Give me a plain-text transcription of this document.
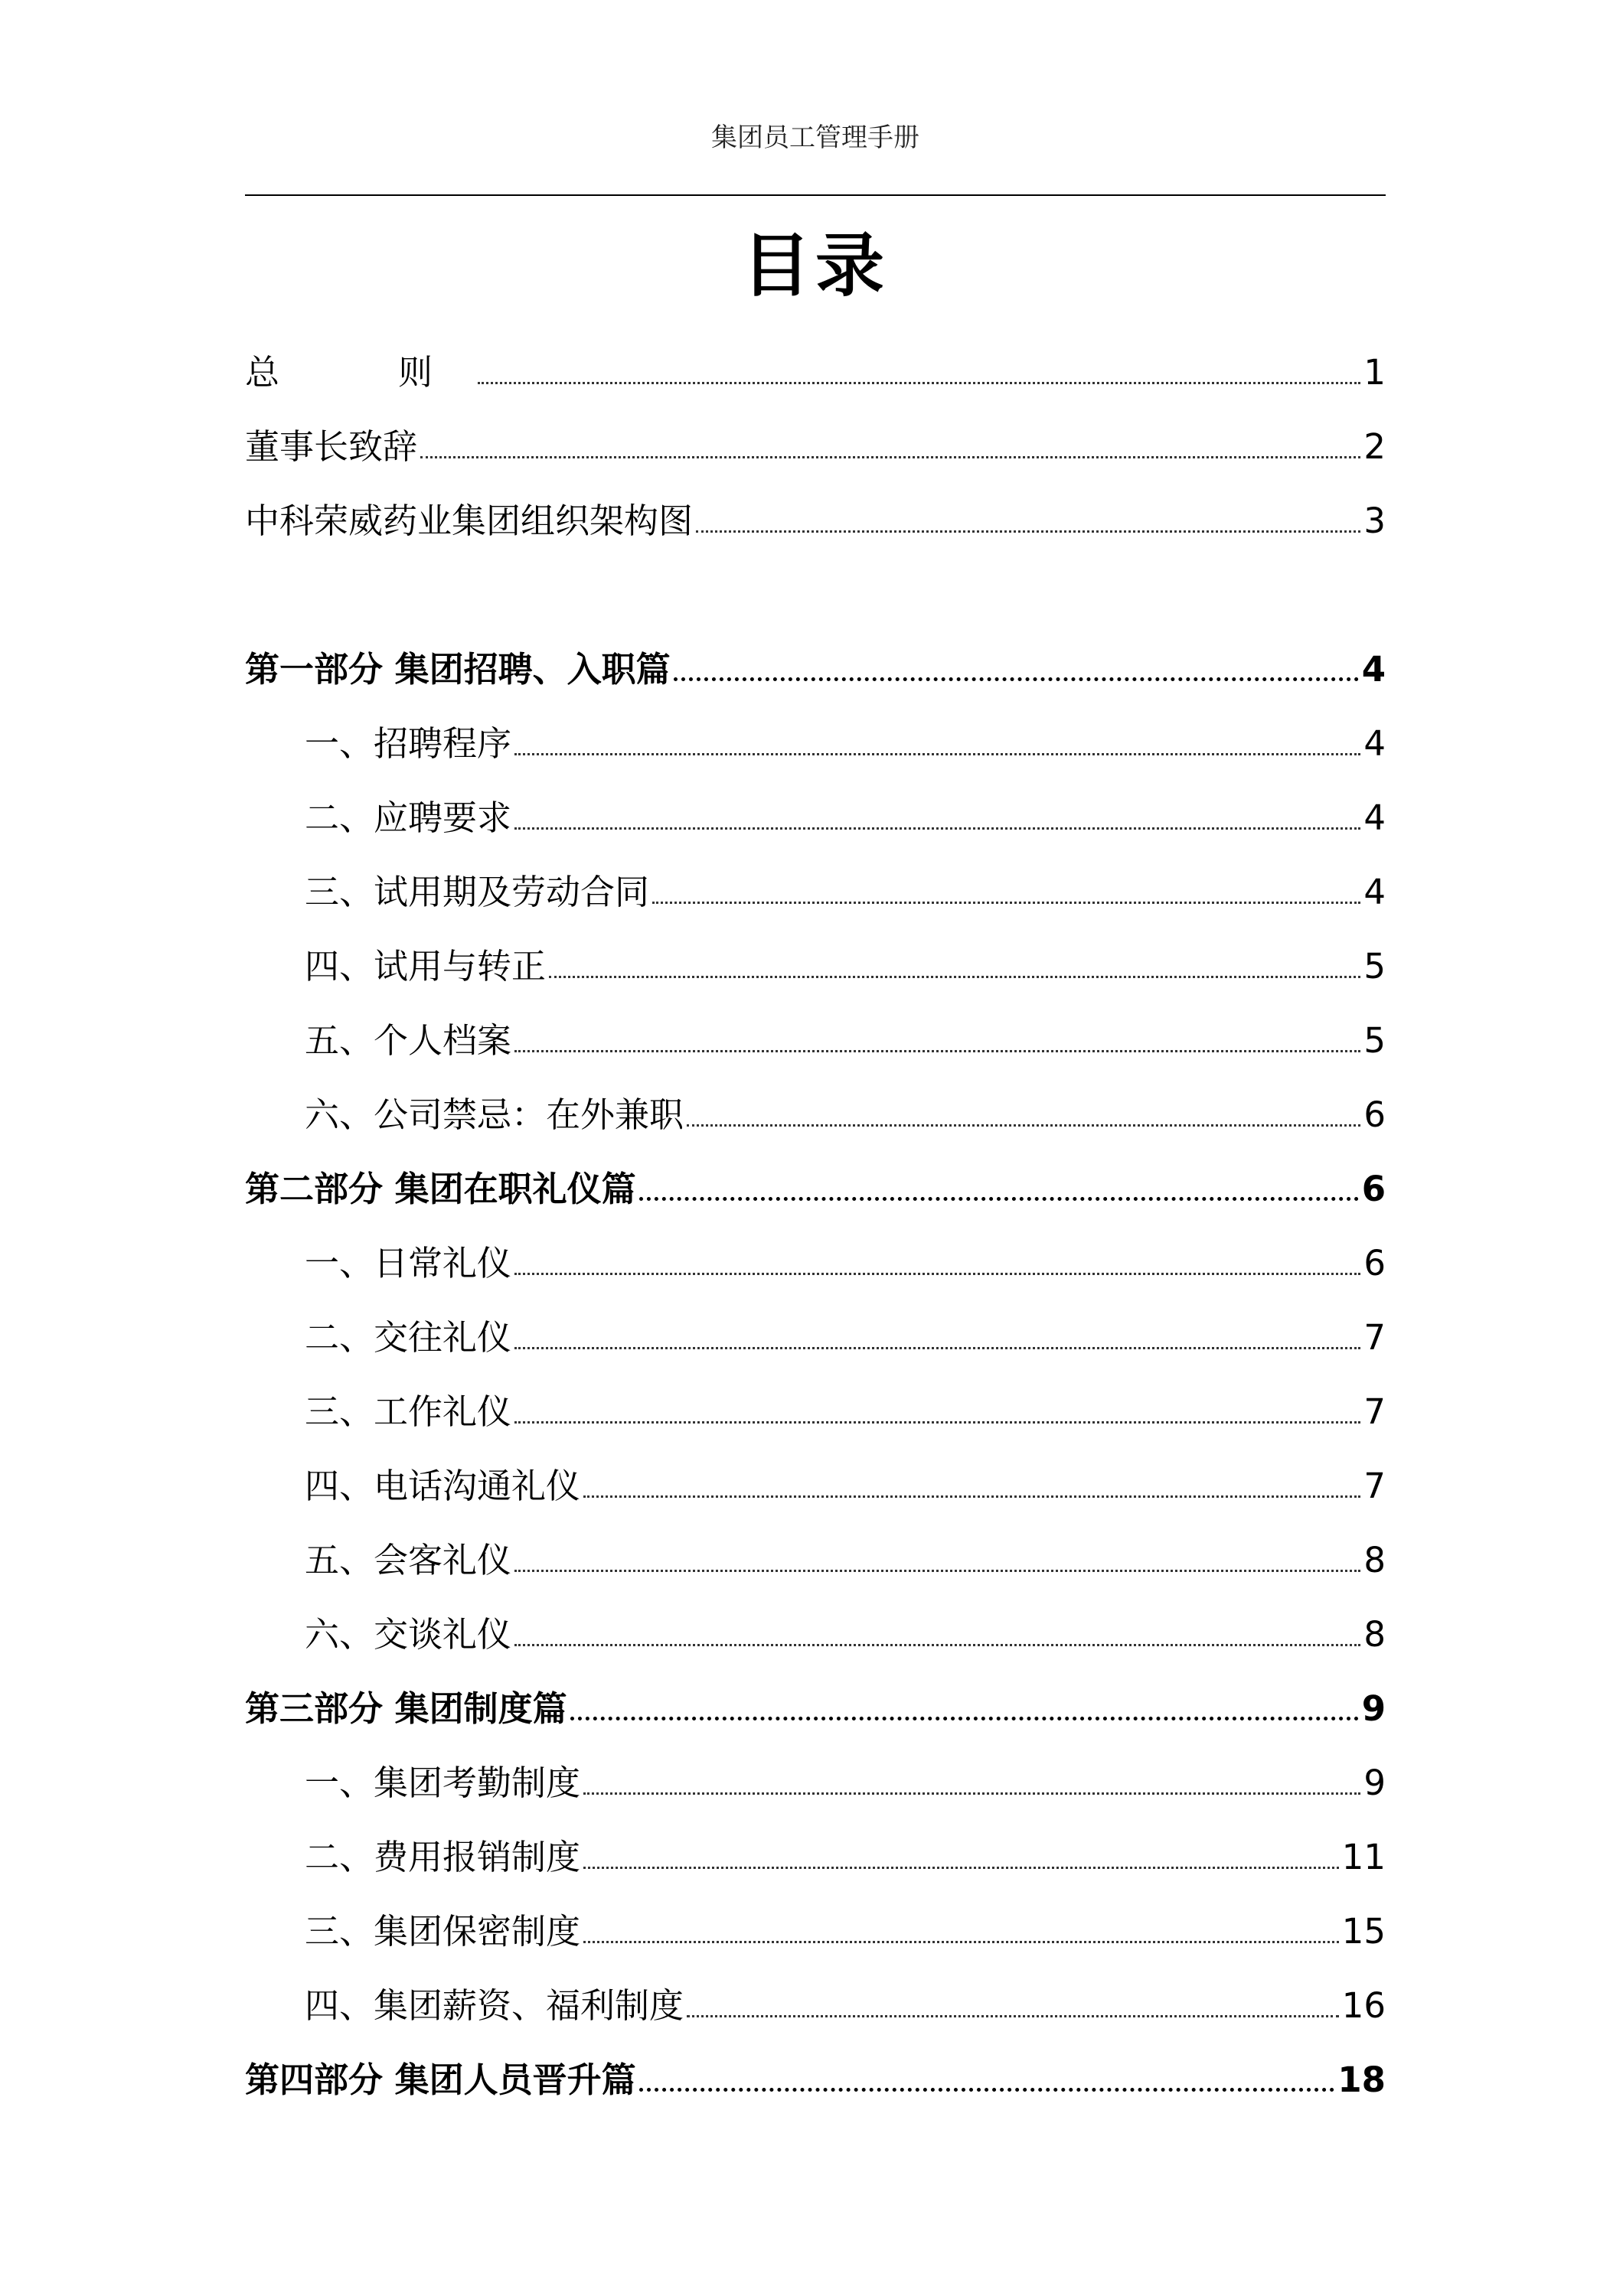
集团员工管理手册
目录
总　则	1
董事长致辞	2
中科荣威药业集团组织架构图	3
第一部分 集团招聘、入职篇	4
一、招聘程序	4
二、应聘要求	4
三、试用期及劳动合同	4
四、试用与转正	5
五、个人档案	5
六、公司禁忌：在外兼职	6
第二部分 集团在职礼仪篇	6
一、日常礼仪	6
二、交往礼仪	7
三、工作礼仪	7
四、电话沟通礼仪	7
五、会客礼仪	8
六、交谈礼仪	8
第三部分 集团制度篇	9
一、集团考勤制度	9
二、费用报销制度	11
三、集团保密制度	15
四、集团薪资、福利制度	16
第四部分 集团人员晋升篇	18
